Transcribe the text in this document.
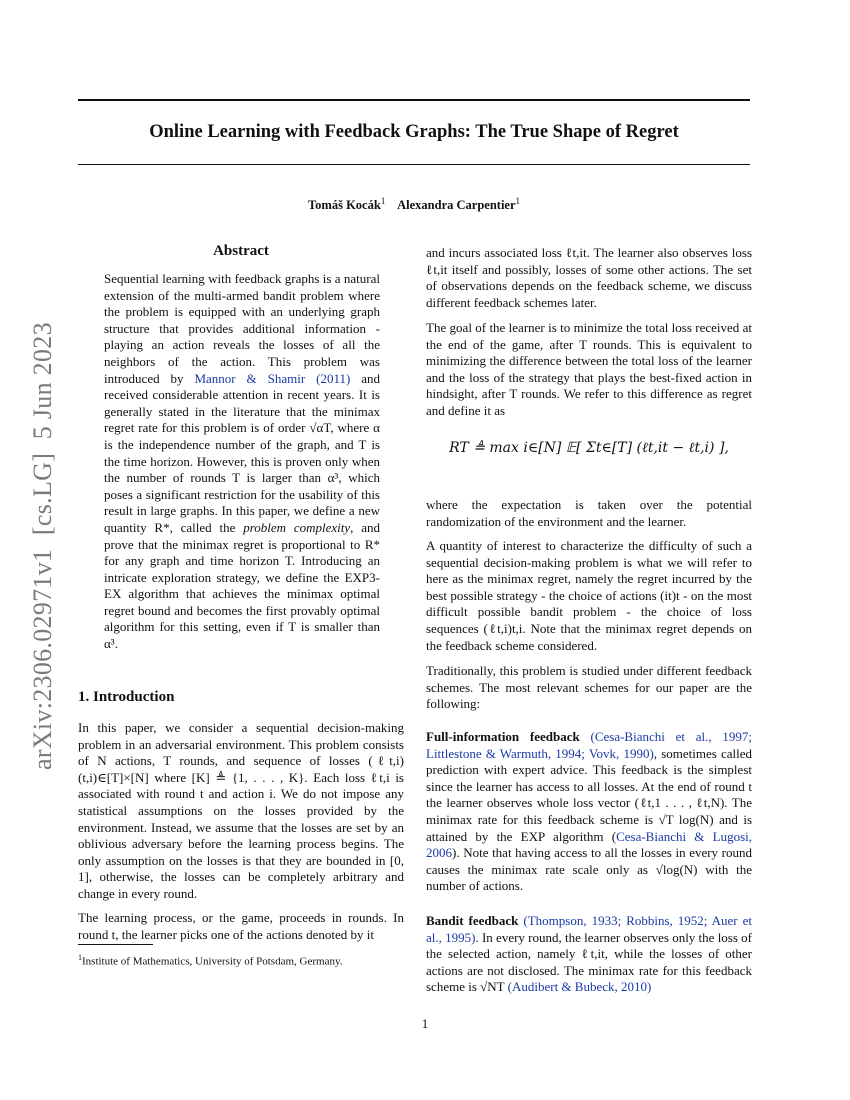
Online Learning with Feedback Graphs: The True Shape of Regret
Tomáš Kocák$^1$ Alexandra Carpentier$^1$
arXiv:2306.02971v1  [cs.LG]  5 Jun 2023
Abstract
Sequential learning with feedback graphs is a natural extension of the multi-armed bandit problem where the problem is equipped with an underlying graph structure that provides additional information - playing an action reveals the losses of all the neighbors of the action. This problem was introduced by Mannor & Shamir (2011) and received considerable attention in recent years. It is generally stated in the literature that the minimax regret rate for this problem is of order √αT, where α is the independence number of the graph, and T is the time horizon. However, this is proven only when the number of rounds T is larger than α³, which poses a significant restriction for the usability of this result in large graphs. In this paper, we define a new quantity R*, called the problem complexity, and prove that the minimax regret is proportional to R* for any graph and time horizon T. Introducing an intricate exploration strategy, we define the EXP3-EX algorithm that achieves the minimax optimal regret bound and becomes the first provably optimal algorithm for this setting, even if T is smaller than α³.
1. Introduction

In this paper, we consider a sequential decision-making problem in an adversarial environment. This problem consists of N actions, T rounds, and sequence of losses (ℓt,i)(t,i)∈[T]×[N] where [K] ≜ {1, . . . , K}. Each loss ℓt,i is associated with round t and action i. We do not impose any statistical assumptions on the losses provided by the environment. Instead, we assume that the losses are set by an oblivious adversary before the learning process begins. The only assumption on the losses is that they are bounded in [0, 1], otherwise, the losses can be completely arbitrary and change in every round.

The learning process, or the game, proceeds in rounds. In round t, the learner picks one of the actions denoted by it

$^1$Institute of Mathematics, University of Potsdam, Germany.

and incurs associated loss ℓt,it. The learner also observes loss ℓt,it itself and possibly, losses of some other actions. The set of observations depends on the feedback scheme, we discuss different feedback schemes later.

The goal of the learner is to minimize the total loss received at the end of the game, after T rounds. This is equivalent to minimizing the difference between the total loss of the learner and the loss of the strategy that plays the best-fixed action in hindsight, after T rounds. We refer to this difference as regret and define it as

RT ≜ max i∈[N] 𝔼[ Σt∈[T] (ℓt,it − ℓt,i) ],

where the expectation is taken over the potential randomization of the environment and the learner.

A quantity of interest to characterize the difficulty of such a sequential decision-making problem is what we will refer to here as the minimax regret, namely the regret incurred by the best possible strategy - the choice of actions (it)t - on the most difficult possible bandit problem - the choice of loss sequences (ℓt,i)t,i. Note that the minimax regret depends on the feedback scheme considered.

Traditionally, this problem is studied under different feedback schemes. The most relevant schemes for our paper are the following:

Full-information feedback (Cesa-Bianchi et al., 1997; Littlestone & Warmuth, 1994; Vovk, 1990), sometimes called prediction with expert advice. This feedback is the simplest since the learner has access to all losses. At the end of round t the learner observes whole loss vector (ℓt,1 . . . , ℓt,N). The minimax rate for this feedback scheme is √T log(N) and is attained by the EXP algorithm (Cesa-Bianchi & Lugosi, 2006). Note that having access to all the losses in every round causes the minimax rate scale only as √log(N) with the number of actions.

Bandit feedback (Thompson, 1933; Robbins, 1952; Auer et al., 1995). In every round, the learner observes only the loss of the selected action, namely ℓt,it, while the losses of other actions are not disclosed. The minimax rate for this feedback scheme is √NT (Audibert & Bubeck, 2010)

1
